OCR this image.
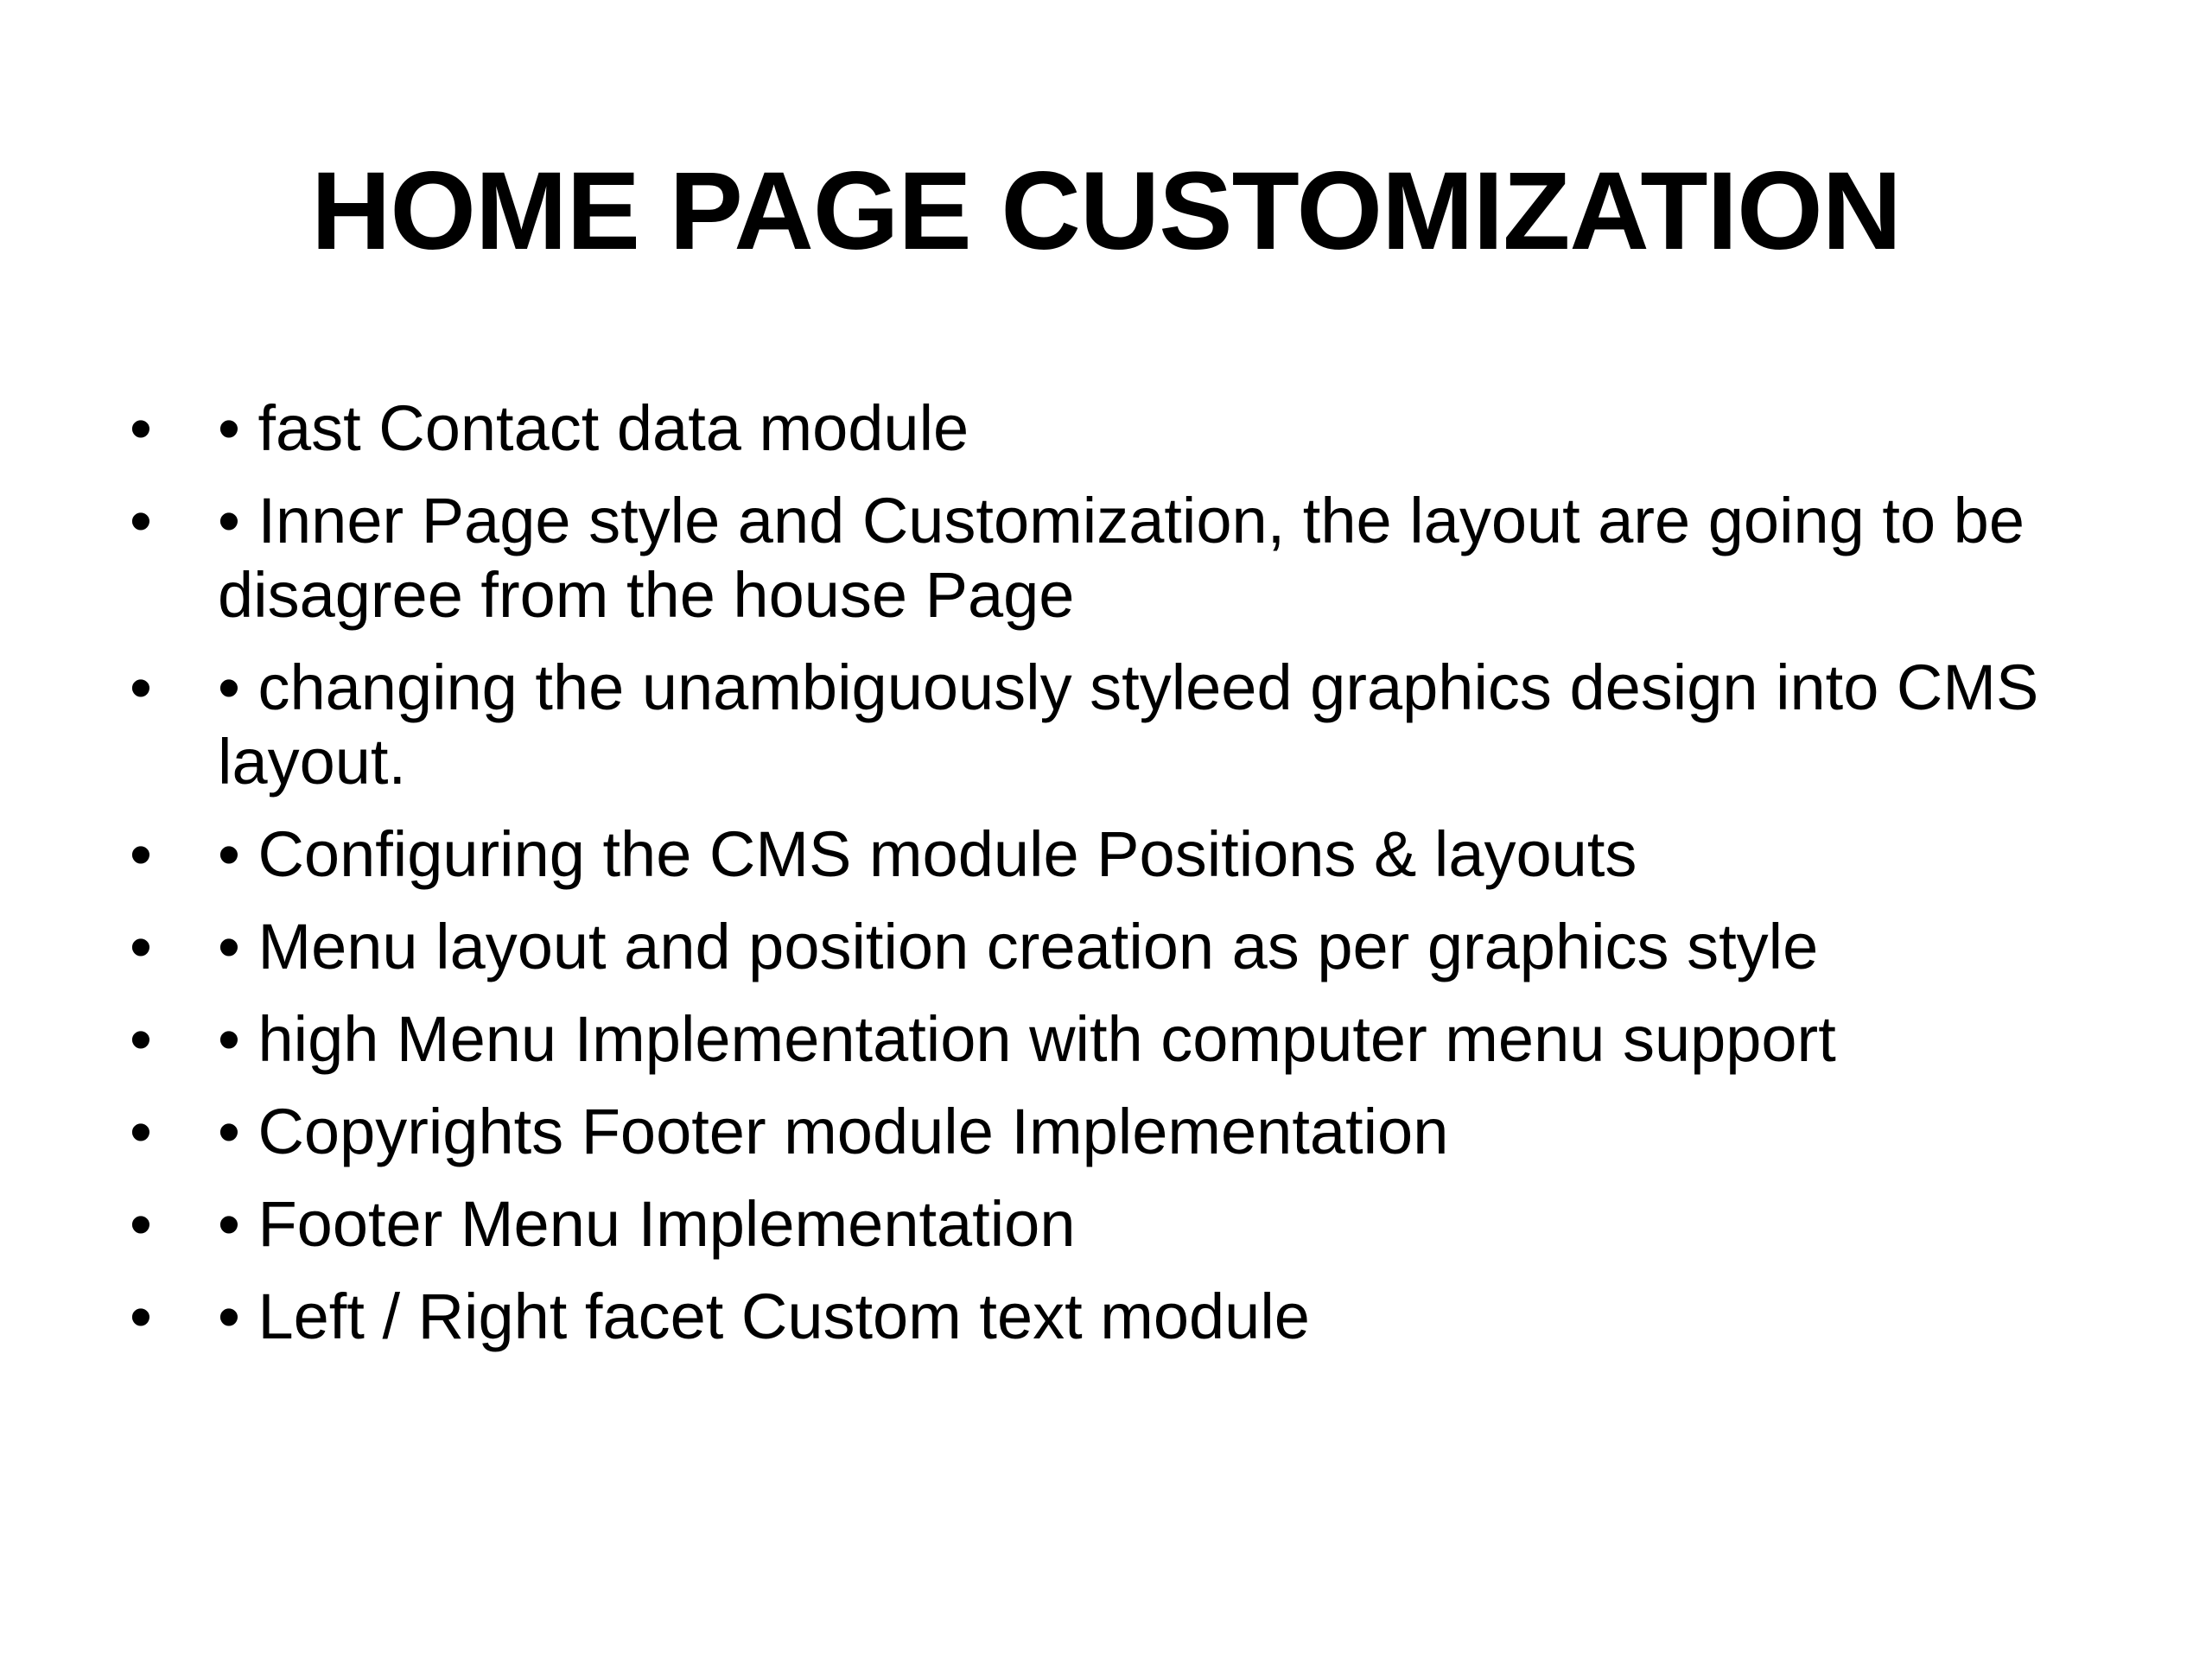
HOME PAGE CUSTOMIZATION
•	• fast Contact data module
•	• Inner Page style and Customization, the layout are going to be disagree from the house Page
•	• changing the unambiguously styleed graphics design into CMS layout.
•	• Configuring the CMS module Positions & layouts
•	• Menu layout and position creation as per graphics style
•	• high Menu Implementation with computer menu support
•	• Copyrights Footer module Implementation
•	• Footer Menu Implementation
•	• Left / Right facet Custom text module
